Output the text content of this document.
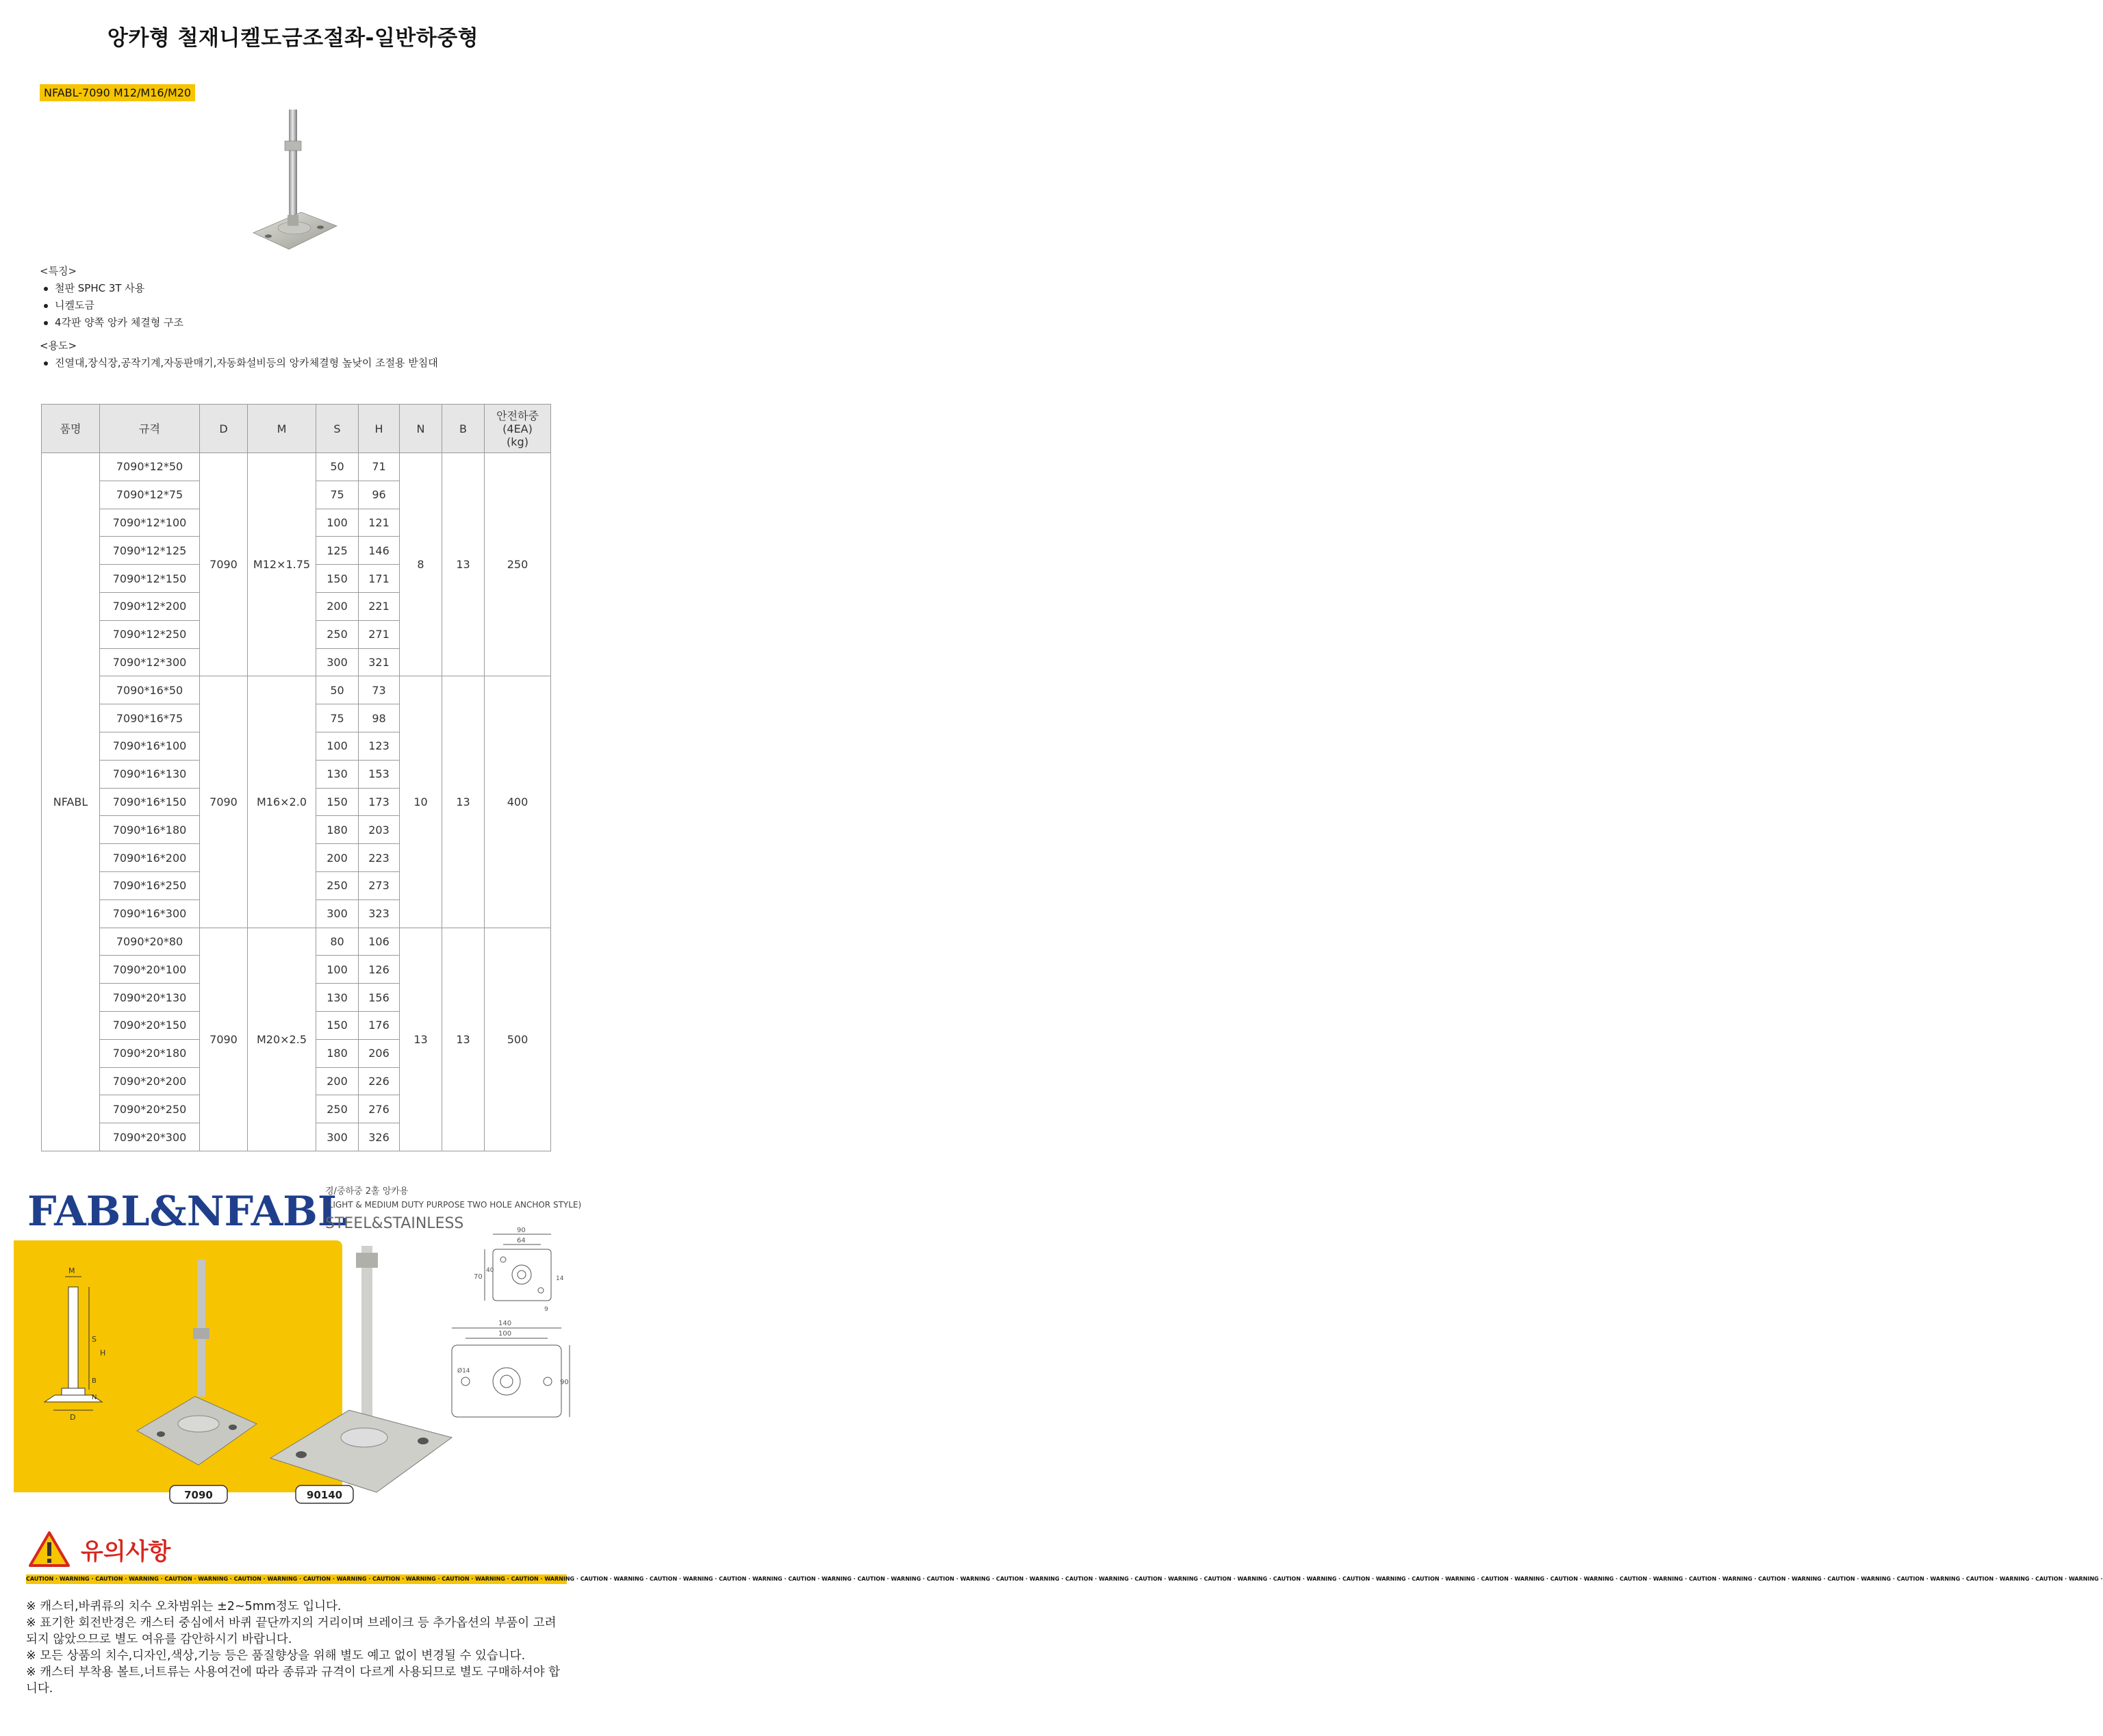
앙카형 철재니켈도금조절좌-일반하중형
NFABL-7090 M12/M16/M20
<특징>
철판 SPHC 3T 사용
니켈도금
4각판 양쪽 앙카 체결형 구조
<용도>
진열대,장식장,공작기계,자동판매기,자동화설비등의 앙카체결형 높낮이 조절용 받침대
품명	규격	D	M	S	H	N	B	안전하중
(4EA)
(kg)
NFABL	7090*12*50	7090	M12×1.75	50	71	8	13	250
	7090*12*75			75	96			
	7090*12*100			100	121			
	7090*12*125			125	146			
	7090*12*150			150	171			
	7090*12*200			200	221			
	7090*12*250			250	271			
	7090*12*300			300	321			
	7090*16*50	7090	M16×2.0	50	73	10	13	400
	7090*16*75			75	98			
	7090*16*100			100	123			
	7090*16*130			130	153			
	7090*16*150			150	173			
	7090*16*180			180	203			
	7090*16*200			200	223			
	7090*16*250			250	273			
	7090*16*300			300	323			
	7090*20*80	7090	M20×2.5	80	106	13	13	500
	7090*20*100			100	126			
	7090*20*130			130	156			
	7090*20*150			150	176			
	7090*20*180			180	206			
	7090*20*200			200	226			
	7090*20*250			250	276			
	7090*20*300			300	326			
FABL&NFABL
경/중하중 2홀 앙카용
(LIGHT & MEDIUM DUTY PURPOSE TWO HOLE ANCHOR STYLE)
STEEL&STAINLESS
M
S
H
B
N
D
90
64
70
40
14
9
140
100
90
Ø14
7090	90140
유의사항
CAUTION · WARNING · CAUTION · WARNING · CAUTION · WARNING · CAUTION · WARNING · CAUTION · WARNING · CAUTION · WARNING · CAUTION · WARNING · CAUTION · WARNING · CAUTION · WARNING · CAUTION · WARNING · CAUTION · WARNING · CAUTION · WARNING · CAUTION · WARNING · CAUTION · WARNING · CAUTION · WARNING · CAUTION · WARNING · CAUTION · WARNING · CAUTION · WARNING · CAUTION · WARNING · CAUTION · WARNING · CAUTION · WARNING · CAUTION · WARNING · CAUTION · WARNING · CAUTION · WARNING · CAUTION · WARNING · CAUTION · WARNING · CAUTION · WARNING · CAUTION · WARNING · CAUTION · WARNING · CAUTION · WARNING ·

※ 캐스터,바퀴류의 치수 오차범위는 ±2~5mm정도 입니다.

※ 표기한 회전반경은 캐스터 중심에서 바퀴 끝단까지의 거리이며 브레이크 등 추가옵션의 부품이 고려되지 않았으므로 별도 여유를 감안하시기 바랍니다.

※ 모든 상품의 치수,디자인,색상,기능 등은 품질향상을 위해 별도 예고 없이 변경될 수 있습니다.

※ 캐스터 부착용 볼트,너트류는 사용여건에 따라 종류과 규격이 다르게 사용되므로 별도 구매하셔야 합니다.
